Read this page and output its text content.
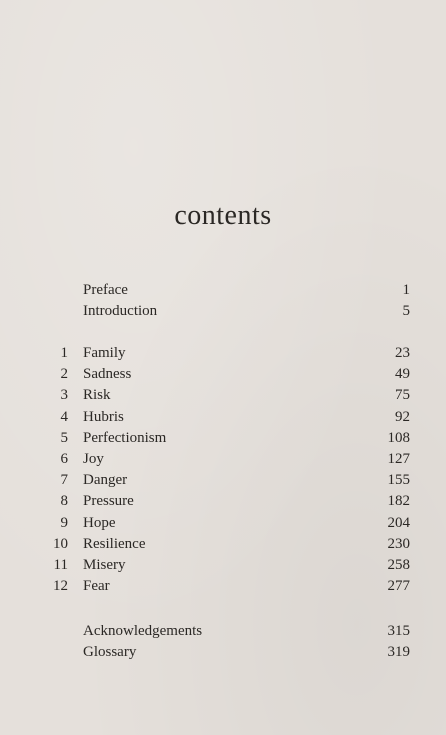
contents
Preface	1
Introduction	5
1 Family	23
2 Sadness	49
3 Risk	75
4 Hubris	92
5 Perfectionism	108
6 Joy	127
7 Danger	155
8 Pressure	182
9 Hope	204
10 Resilience	230
11 Misery	258
12 Fear	277
Acknowledgements	315
Glossary	319
